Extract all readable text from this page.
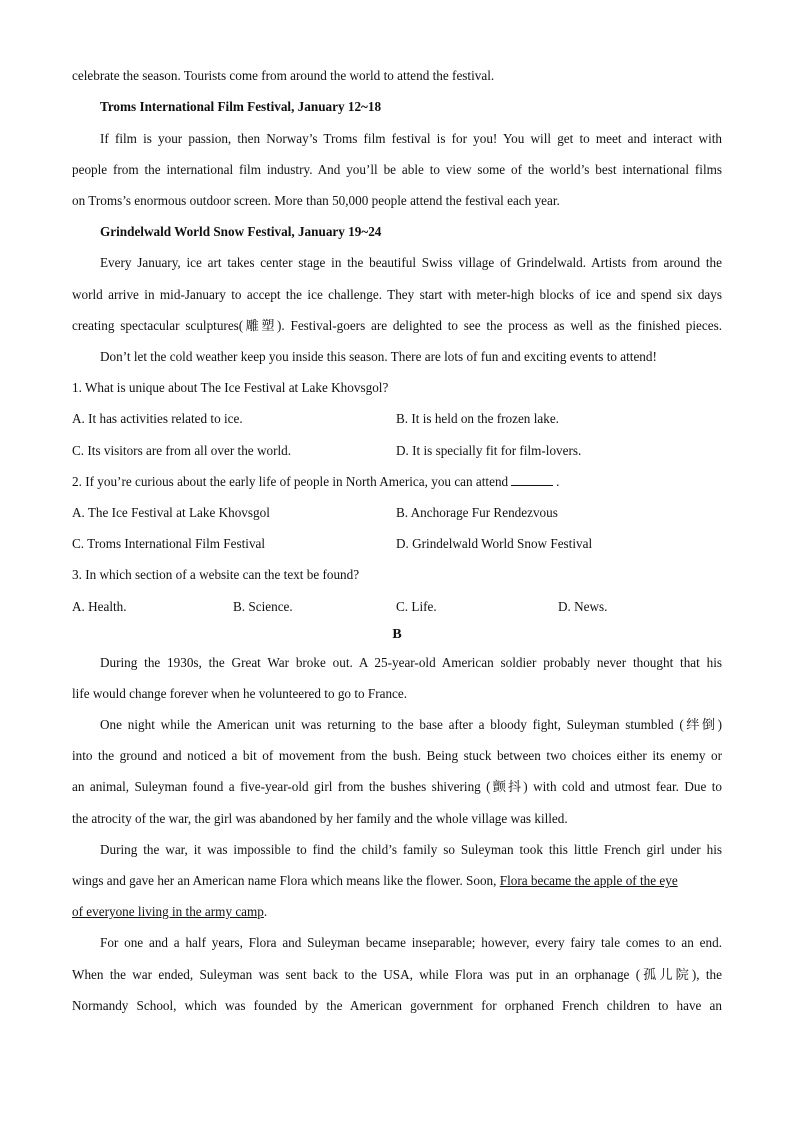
celebrate the season. Tourists come from around the world to attend the festival.
Troms International Film Festival, January 12~18
If film is your passion, then Norway’s Troms film festival is for you! You will get to meet and interact with
people from the international film industry. And you’ll be able to view some of the world’s best international films
on Troms’s enormous outdoor screen. More than 50,000 people attend the festival each year.
Grindelwald World Snow Festival, January 19~24
Every January, ice art takes center stage in the beautiful Swiss village of Grindelwald. Artists from around the
world arrive in mid-January to accept the ice challenge. They start with meter-high blocks of ice and spend six days
creating spectacular sculptures(雕塑). Festival-goers are delighted to see the process as well as the finished pieces.
Don’t let the cold weather keep you inside this season. There are lots of fun and exciting events to attend!
1. What is unique about The Ice Festival at Lake Khovsgol?
A. It has activities related to ice.	B. It is held on the frozen lake.
C. Its visitors are from all over the world.	D. It is specially fit for film-lovers.
2. If you’re curious about the early life of people in North America, you can attend	.
A. The Ice Festival at Lake Khovsgol	B. Anchorage Fur Rendezvous
C. Troms International Film Festival	D. Grindelwald World Snow Festival
3. In which section of a website can the text be found?
A. Health.	B. Science.	C. Life.	D. News.
B
During the 1930s, the Great War broke out. A 25-year-old American soldier probably never thought that his
life would change forever when he volunteered to go to France.
One night while the American unit was returning to the base after a bloody fight, Suleyman stumbled (绊倒)
into the ground and noticed a bit of movement from the bush. Being stuck between two choices either its enemy or
an animal, Suleyman found a five-year-old girl from the bushes shivering (颤抖) with cold and utmost fear. Due to
the atrocity of the war, the girl was abandoned by her family and the whole village was killed.
During the war, it was impossible to find the child’s family so Suleyman took this little French girl under his
wings and gave her an American name Flora which means like the flower. Soon, Flora became the apple of the eye
of everyone living in the army camp.
For one and a half years, Flora and Suleyman became inseparable; however, every fairy tale comes to an end.
When the war ended, Suleyman was sent back to the USA, while Flora was put in an orphanage (孤儿院), the
Normandy School, which was founded by the American government for orphaned French children to have an
